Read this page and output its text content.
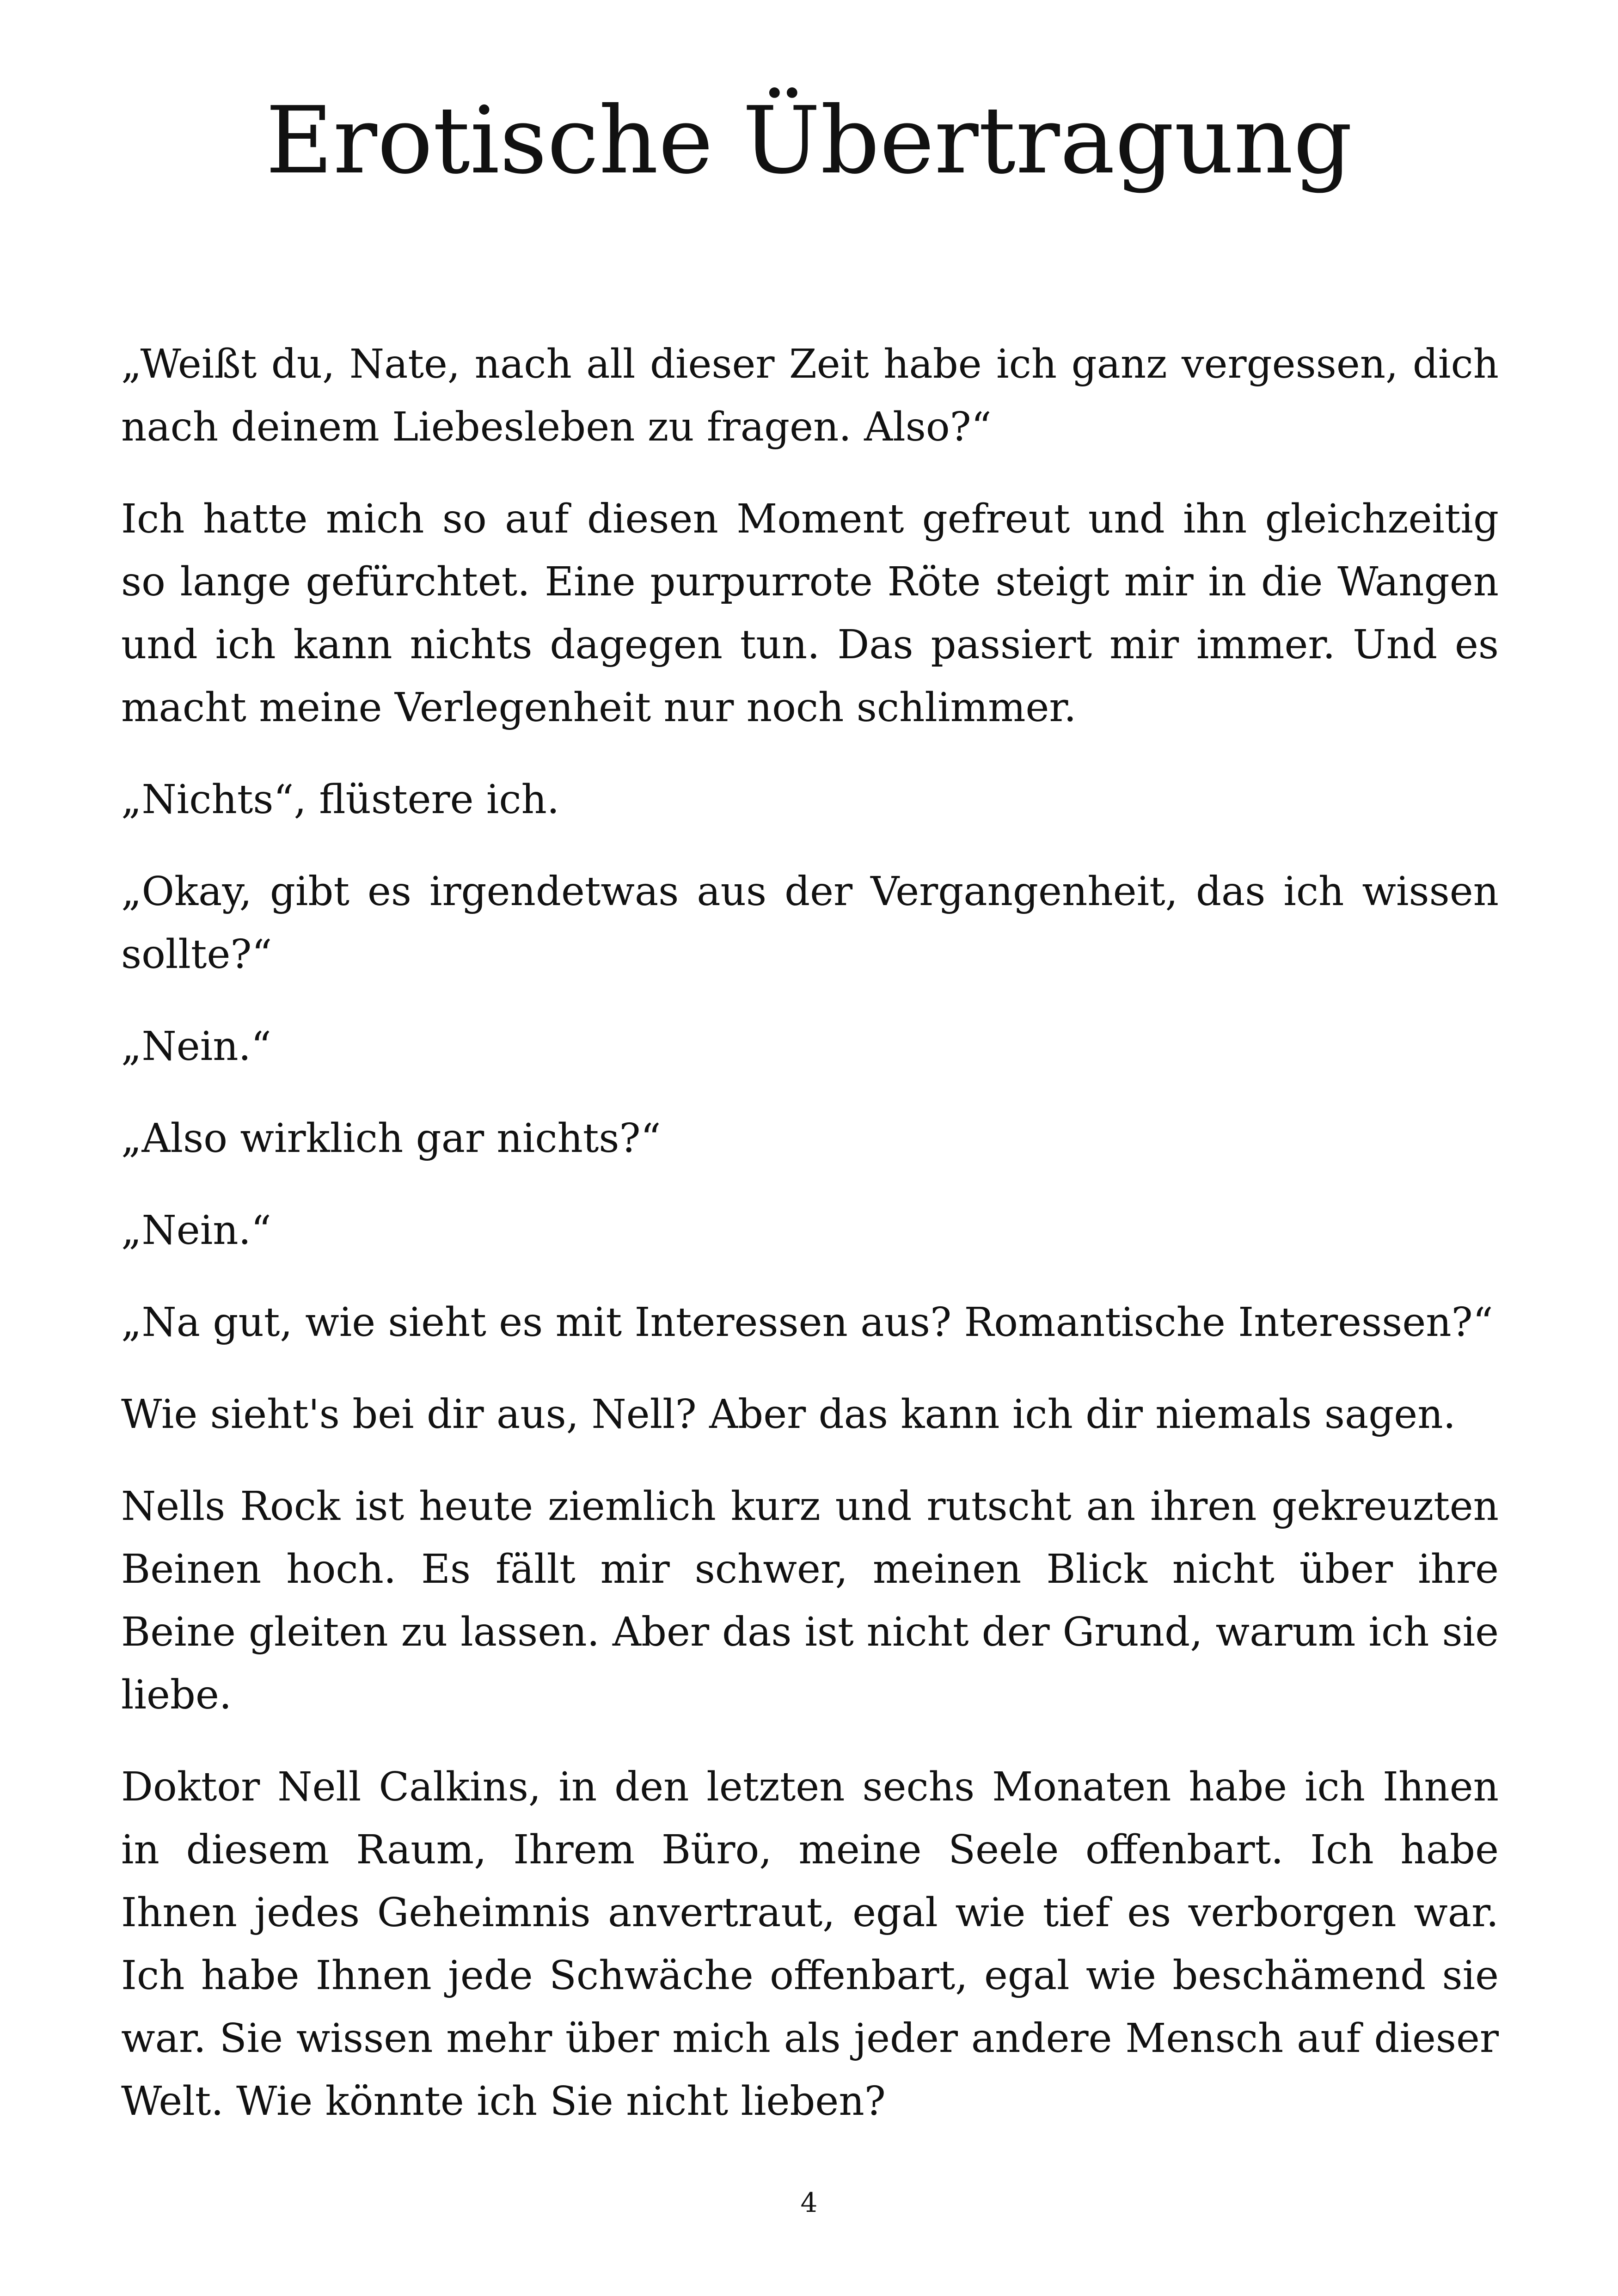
Erotische Übertragung

„Weißt du, Nate, nach all dieser Zeit habe ich ganz vergessen, dich nach deinem Liebesleben zu fragen. Also?“

Ich hatte mich so auf diesen Moment gefreut und ihn gleichzeitig so lange gefürchtet. Eine purpurrote Röte steigt mir in die Wangen und ich kann nichts dagegen tun. Das passiert mir immer. Und es macht meine Verlegenheit nur noch schlimmer.

„Nichts“, flüstere ich.

„Okay, gibt es irgendetwas aus der Vergangenheit, das ich wissen sollte?“

„Nein.“

„Also wirklich gar nichts?“

„Nein.“

„Na gut, wie sieht es mit Interessen aus? Romantische Interessen?“

Wie sieht's bei dir aus, Nell? Aber das kann ich dir niemals sagen.

Nells Rock ist heute ziemlich kurz und rutscht an ihren gekreuzten Beinen hoch. Es fällt mir schwer, meinen Blick nicht über ihre Beine gleiten zu lassen. Aber das ist nicht der Grund, warum ich sie liebe.

Doktor Nell Calkins, in den letzten sechs Monaten habe ich Ihnen in diesem Raum, Ihrem Büro, meine Seele offenbart. Ich habe Ihnen jedes Geheimnis anvertraut, egal wie tief es verborgen war. Ich habe Ihnen jede Schwäche offenbart, egal wie beschämend sie war. Sie wissen mehr über mich als jeder andere Mensch auf dieser Welt. Wie könnte ich Sie nicht lieben?

4
